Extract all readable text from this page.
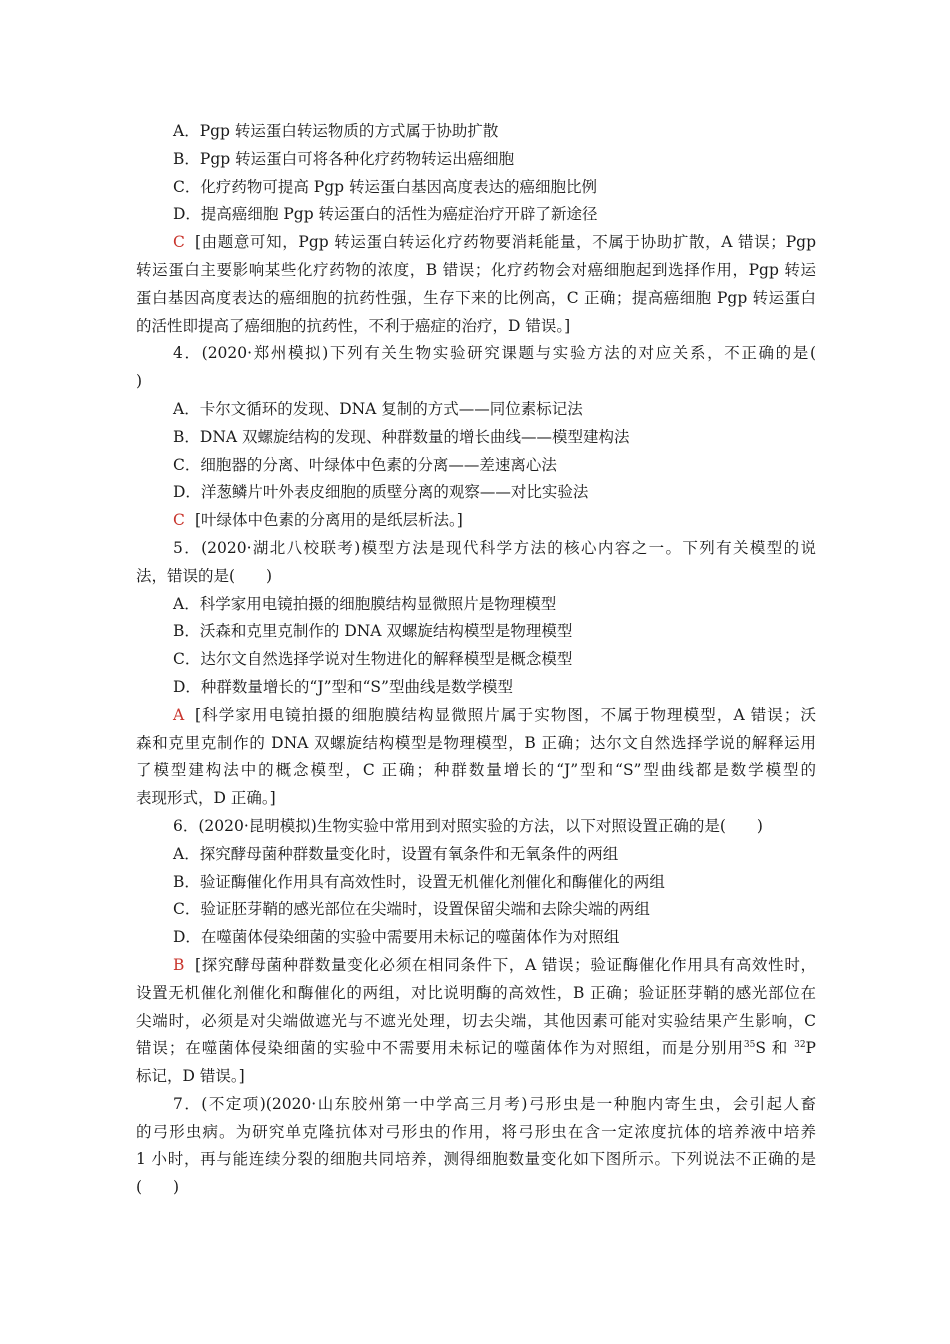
A．Pgp 转运蛋白转运物质的方式属于协助扩散
B．Pgp 转运蛋白可将各种化疗药物转运出癌细胞
C．化疗药物可提高 Pgp 转运蛋白基因高度表达的癌细胞比例
D．提高癌细胞 Pgp 转运蛋白的活性为癌症治疗开辟了新途径
C [由题意可知，Pgp 转运蛋白转运化疗药物要消耗能量，不属于协助扩散，A 错误；Pgp
转运蛋白主要影响某些化疗药物的浓度，B 错误；化疗药物会对癌细胞起到选择作用，Pgp 转运
蛋白基因高度表达的癌细胞的抗药性强，生存下来的比例高，C 正确；提高癌细胞 Pgp 转运蛋白
的活性即提高了癌细胞的抗药性，不利于癌症的治疗，D 错误。]
4．(2020·郑州模拟)下列有关生物实验研究课题与实验方法的对应关系，不正确的是(
)
A．卡尔文循环的发现、DNA 复制的方式——同位素标记法
B．DNA 双螺旋结构的发现、种群数量的增长曲线——模型建构法
C．细胞器的分离、叶绿体中色素的分离——差速离心法
D．洋葱鳞片叶外表皮细胞的质壁分离的观察——对比实验法
C [叶绿体中色素的分离用的是纸层析法。]
5．(2020·湖北八校联考)模型方法是现代科学方法的核心内容之一。下列有关模型的说
法，错误的是(　　)
A．科学家用电镜拍摄的细胞膜结构显微照片是物理模型
B．沃森和克里克制作的 DNA 双螺旋结构模型是物理模型
C．达尔文自然选择学说对生物进化的解释模型是概念模型
D．种群数量增长的“J”型和“S”型曲线是数学模型
A [科学家用电镜拍摄的细胞膜结构显微照片属于实物图，不属于物理模型，A 错误；沃
森和克里克制作的 DNA 双螺旋结构模型是物理模型，B 正确；达尔文自然选择学说的解释运用
了模型建构法中的概念模型，C 正确；种群数量增长的“J”型和“S”型曲线都是数学模型的
表现形式，D 正确。]
6．(2020·昆明模拟)生物实验中常用到对照实验的方法，以下对照设置正确的是(　　)
A．探究酵母菌种群数量变化时，设置有氧条件和无氧条件的两组
B．验证酶催化作用具有高效性时，设置无机催化剂催化和酶催化的两组
C．验证胚芽鞘的感光部位在尖端时，设置保留尖端和去除尖端的两组
D．在噬菌体侵染细菌的实验中需要用未标记的噬菌体作为对照组
B [探究酵母菌种群数量变化必须在相同条件下，A 错误；验证酶催化作用具有高效性时，
设置无机催化剂催化和酶催化的两组，对比说明酶的高效性，B 正确；验证胚芽鞘的感光部位在
尖端时，必须是对尖端做遮光与不遮光处理，切去尖端，其他因素可能对实验结果产生影响，C
错误；在噬菌体侵染细菌的实验中不需要用未标记的噬菌体作为对照组，而是分别用$^{35}$S 和 $^{32}$P
标记，D 错误。]
7．(不定项)(2020·山东胶州第一中学高三月考)弓形虫是一种胞内寄生虫，会引起人畜
的弓形虫病。为研究单克隆抗体对弓形虫的作用，将弓形虫在含一定浓度抗体的培养液中培养
1 小时，再与能连续分裂的细胞共同培养，测得细胞数量变化如下图所示。下列说法不正确的是
(　　)
